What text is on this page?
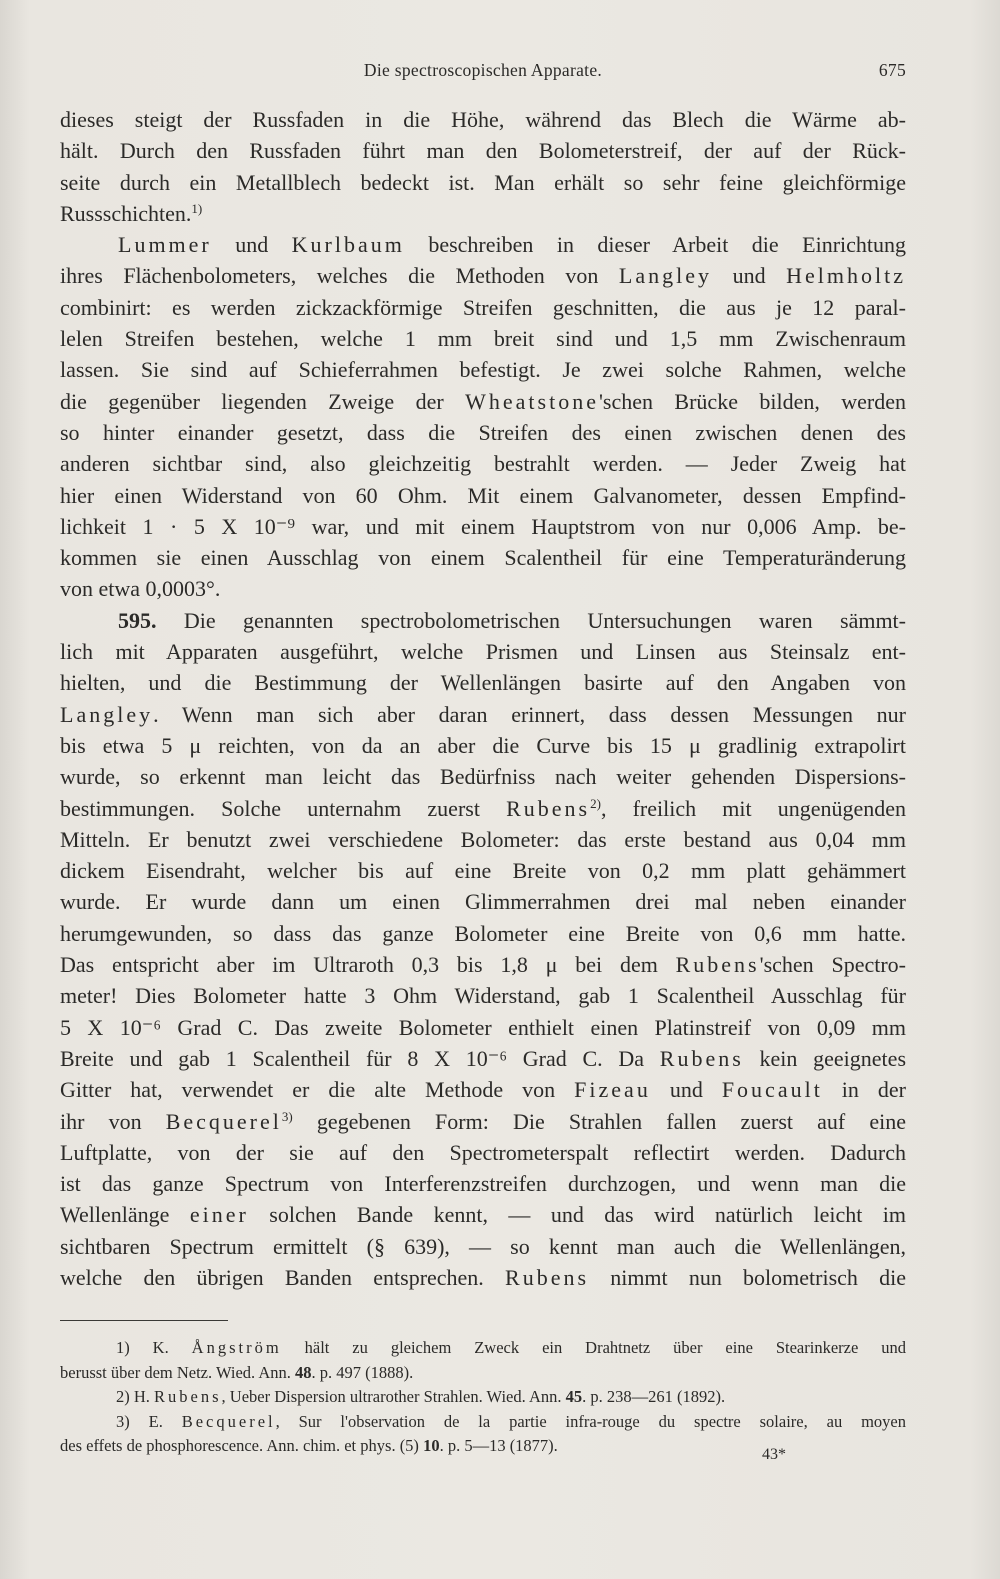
Die spectroscopischen Apparate.	675
dieses steigt der Russfaden in die Höhe, während das Blech die Wärme ab-
hält. Durch den Russfaden führt man den Bolometerstreif, der auf der Rück-
seite durch ein Metallblech bedeckt ist. Man erhält so sehr feine gleichförmige
Russschichten.$^{1)}$
Lummer und Kurlbaum beschreiben in dieser Arbeit die Einrichtung
ihres Flächenbolometers, welches die Methoden von Langley und Helmholtz
combinirt: es werden zickzackförmige Streifen geschnitten, die aus je 12 paral-
lelen Streifen bestehen, welche 1 mm breit sind und 1,5 mm Zwischenraum
lassen. Sie sind auf Schieferrahmen befestigt. Je zwei solche Rahmen, welche
die gegenüber liegenden Zweige der Wheatstone'schen Brücke bilden, werden
so hinter einander gesetzt, dass die Streifen des einen zwischen denen des
anderen sichtbar sind, also gleichzeitig bestrahlt werden. — Jeder Zweig hat
hier einen Widerstand von 60 Ohm. Mit einem Galvanometer, dessen Empfind-
lichkeit 1 · 5 X 10⁻⁹ war, und mit einem Hauptstrom von nur 0,006 Amp. be-
kommen sie einen Ausschlag von einem Scalentheil für eine Temperaturänderung
von etwa 0,0003°.
595. Die genannten spectrobolometrischen Untersuchungen waren sämmt-
lich mit Apparaten ausgeführt, welche Prismen und Linsen aus Steinsalz ent-
hielten, und die Bestimmung der Wellenlängen basirte auf den Angaben von
Langley. Wenn man sich aber daran erinnert, dass dessen Messungen nur
bis etwa 5 μ reichten, von da an aber die Curve bis 15 μ gradlinig extrapolirt
wurde, so erkennt man leicht das Bedürfniss nach weiter gehenden Dispersions-
bestimmungen. Solche unternahm zuerst Rubens$^{2)}$, freilich mit ungenügenden
Mitteln. Er benutzt zwei verschiedene Bolometer: das erste bestand aus 0,04 mm
dickem Eisendraht, welcher bis auf eine Breite von 0,2 mm platt gehämmert
wurde. Er wurde dann um einen Glimmerrahmen drei mal neben einander
herumgewunden, so dass das ganze Bolometer eine Breite von 0,6 mm hatte.
Das entspricht aber im Ultraroth 0,3 bis 1,8 μ bei dem Rubens'schen Spectro-
meter! Dies Bolometer hatte 3 Ohm Widerstand, gab 1 Scalentheil Ausschlag für
5 X 10⁻⁶ Grad C. Das zweite Bolometer enthielt einen Platinstreif von 0,09 mm
Breite und gab 1 Scalentheil für 8 X 10⁻⁶ Grad C. Da Rubens kein geeignetes
Gitter hat, verwendet er die alte Methode von Fizeau und Foucault in der
ihr von Becquerel$^{3)}$ gegebenen Form: Die Strahlen fallen zuerst auf eine
Luftplatte, von der sie auf den Spectrometerspalt reflectirt werden. Dadurch
ist das ganze Spectrum von Interferenzstreifen durchzogen, und wenn man die
Wellenlänge einer solchen Bande kennt, — und das wird natürlich leicht im
sichtbaren Spectrum ermittelt (§ 639), — so kennt man auch die Wellenlängen,
welche den übrigen Banden entsprechen. Rubens nimmt nun bolometrisch die
1) K. Ångström hält zu gleichem Zweck ein Drahtnetz über eine Stearinkerze und
berusst über dem Netz. Wied. Ann. 48. p. 497 (1888).
2) H. Rubens, Ueber Dispersion ultrarother Strahlen. Wied. Ann. 45. p. 238—261 (1892).
3) E. Becquerel, Sur l'observation de la partie infra-rouge du spectre solaire, au moyen
des effets de phosphorescence. Ann. chim. et phys. (5) 10. p. 5—13 (1877).	43*
